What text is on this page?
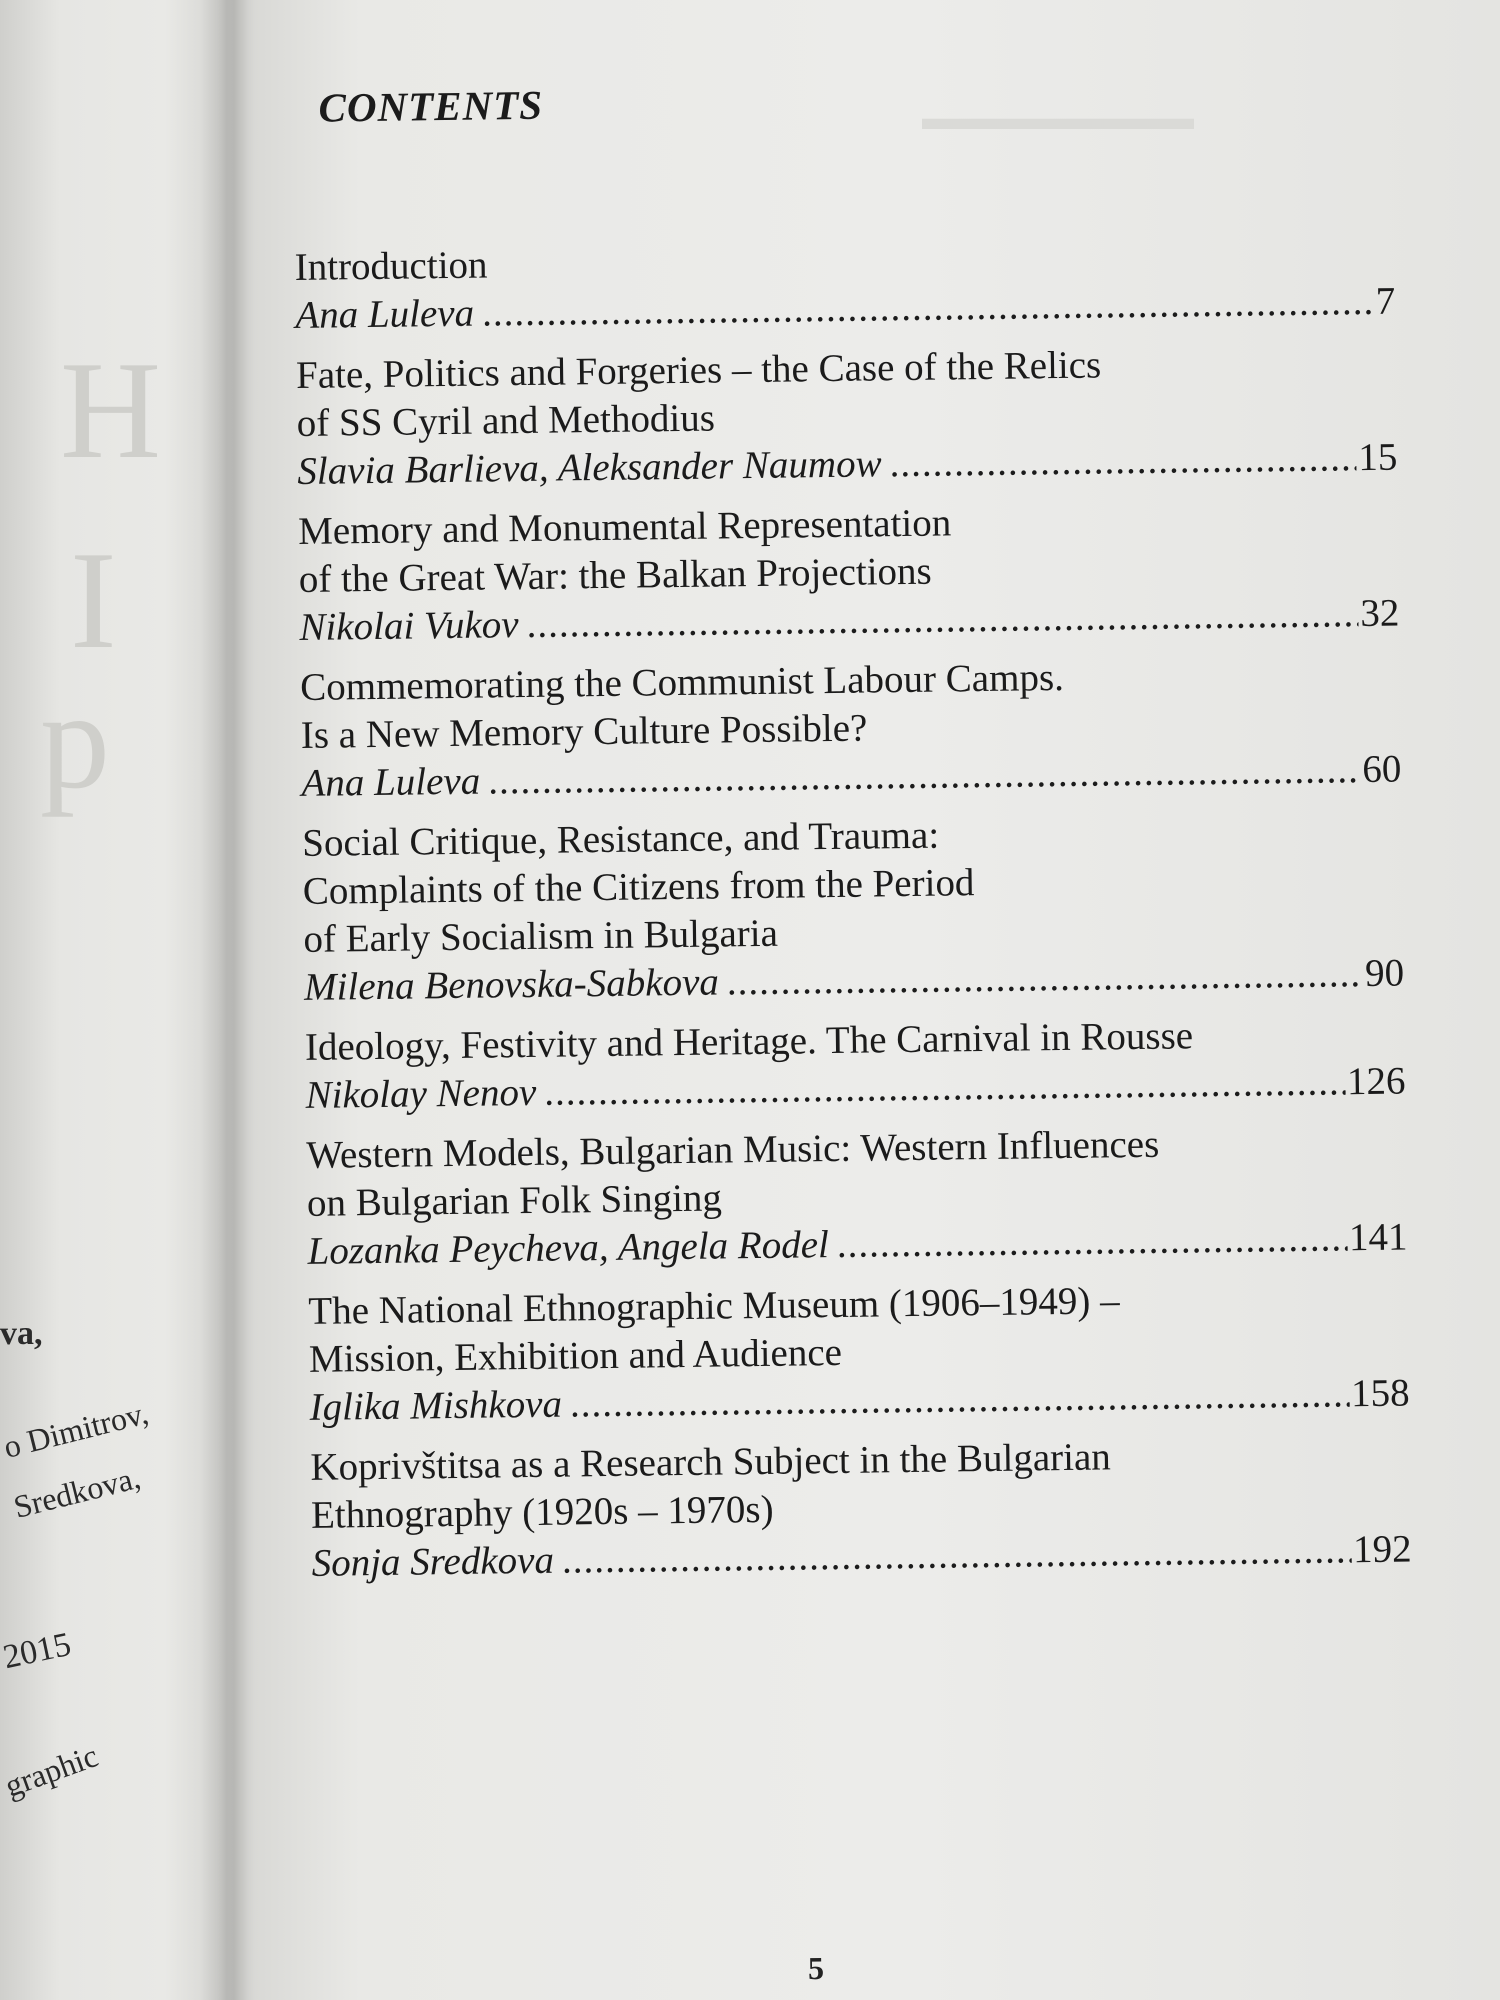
H
I
p
va,
o Dimitrov,
Sredkova,
2015
graphic
▬▬▬▬▬▬▬▬
CONTENTS
Introduction
Ana Luleva .....	7
Fate, Politics and Forgeries – the Case of the Relics
of SS Cyril and Methodius
Slavia Barlieva, Aleksander Naumow .....	15
Memory and Monumental Representation
of the Great War: the Balkan Projections
Nikolai Vukov .....	32
Commemorating the Communist Labour Camps.
Is a New Memory Culture Possible?
Ana Luleva .....	60
Social Critique, Resistance, and Trauma:
Complaints of the Citizens from the Period
of Early Socialism in Bulgaria
Milena Benovska-Sabkova .....	90
Ideology, Festivity and Heritage. The Carnival in Rousse
Nikolay Nenov .....	126
Western Models, Bulgarian Music: Western Influences
on Bulgarian Folk Singing
Lozanka Peycheva, Angela Rodel .....	141
The National Ethnographic Museum (1906–1949) –
Mission, Exhibition and Audience
Iglika Mishkova .....	158
Koprivštitsa as a Research Subject in the Bulgarian
Ethnography (1920s – 1970s)
Sonja Sredkova .....	192
5
